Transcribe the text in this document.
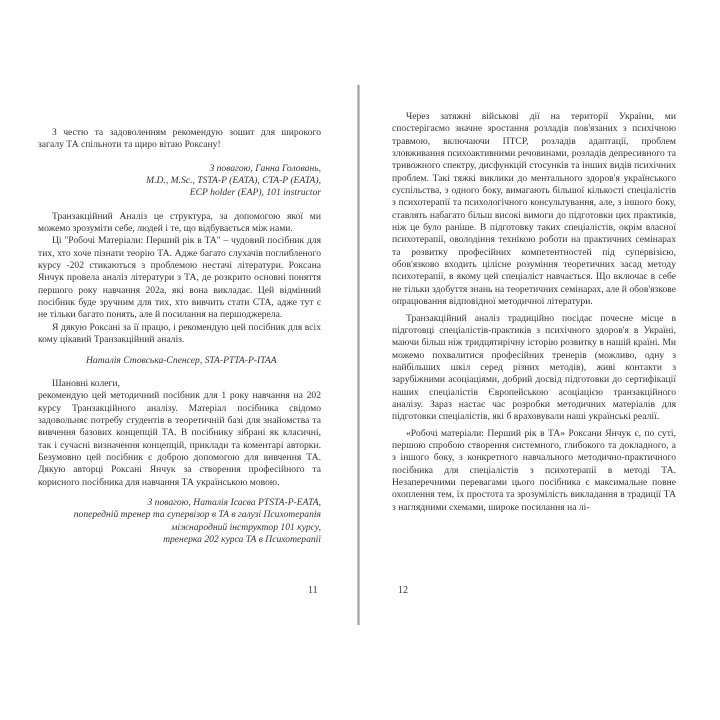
З честю та задоволенням рекомендую зошит для широкого загалу ТА спільноти та щиро вітаю Роксану!

З повагою, Ганна Головань,

M.D., M.Sc., TSTA-P (EATA), CTA-P (EATA),

ECP holder (EAP), 101 instructor

Транзакційний Аналіз це структура, за допомогою якої ми можемо зрозуміти себе, людей і те, що відбувається між нами.

Ці "Робочі Матеріали: Перший рік в ТА" – чудовий посібник для тих, хто хоче пізнати теорію ТА. Адже багато слухачів поглибленого курсу -202 стикаються з проблемою нестачі літератури. Роксана Янчук провела аналіз літератури з ТА, де розкрито основні поняття першого року навчання 202а, які вона викладає. Цей відмінний посібник буде зручним для тих, хто вивчить стати CTA, адже тут є не тільки багато понять, але й посилання на першоджерела.

Я дякую Роксані за її працю, і рекомендую цей посібник для всіх кому цікавий Транзакційний аналіз.

Наталія Стовська-Спенсер, STA-PTTA-P-ITAA

Шановні колеги,

рекомендую цей методичний посібник для 1 року навчання на 202 курсу Транзакційного аналізу. Матеріал посібника свідомо задовольняє потребу студентів в теоретичній базі для знайомства та вивчення базових концепцій ТА. В посібнику зібрані як класичні, так і сучасні визначення концепцій, приклади та коментарі авторки. Безумовно цей посібник є доброю допомогою для вивчення ТА. Дякую авторці Роксані Янчук за створення професійного та корисного посібника для навчання ТА українською мовою.

З повагою, Наталія Ісаєва PTSTA-P-EATA,

попередній тренер та супервізор в ТА в галузі Психотерапія

міжнародний інструктор 101 курсу,

тренерка 202 курса ТА в Психотерапії

11

Через затяжні військові дії на території України, ми спостерігаємо значне зростання розладів пов'язаних з психічною травмою, включаючи ПТСР, розладів адаптації, проблем зловживання психоактивними речовинами, розладів депресивного та тривожного спектру, дисфункцій стосунків та інших видів психічних проблем. Такі тяжкі виклики до ментального здоров'я українського суспільства, з одного боку, вимагають більшої кількості спеціалістів з психотерапії та психологічного консультування, але, з іншого боку, ставлять набагато більш високі вимоги до підготовки цих практиків, ніж це було раніше. В підготовку таких спеціалістів, окрім власної психотерапії, оволодіння технікою роботи на практичних семінарах та розвитку професійних компетентностей під супервізією, обов'язково входить цілісне розуміння теоретичних засад методу психотерапії, в якому цей спеціаліст навчається. Що включає в себе не тільки здобуття знань на теоретичних семінарах, але й обов'язкове опрацювання відповідної методичної літератури.

Транзакційний аналіз традиційно посідає почесне місце в підготовці спеціалістів-практиків з психічного здоров'я в Україні, маючи більш ніж тридцятирічну історію розвитку в нашій країні. Ми можемо похвалитися професійних тренерів (можливо, одну з найбільших шкіл серед різних методів), живі контакти з зарубіжними асоціаціями, добрий досвід підготовки до сертифікації наших спеціалістів Європейською асоціацією транзакційного аналізу. Зараз настає час розробки методичних матеріалів для підготовки спеціалістів, які б враховували наші українські реалії.

«Робочі матеріали: Перший рік в ТА» Роксани Янчук є, по суті, першою спробою створення системного, глибокого та докладного, а з іншого боку, з конкретного навчального методично-практичного посібника для спеціалістів з психотерапії в методі ТА. Незаперечними перевагами цього посібника є максимальне повне охоплення тем, їх простота та зрозумілість викладання в традиції ТА з наглядними схемами, широке посилання на лі-

12
